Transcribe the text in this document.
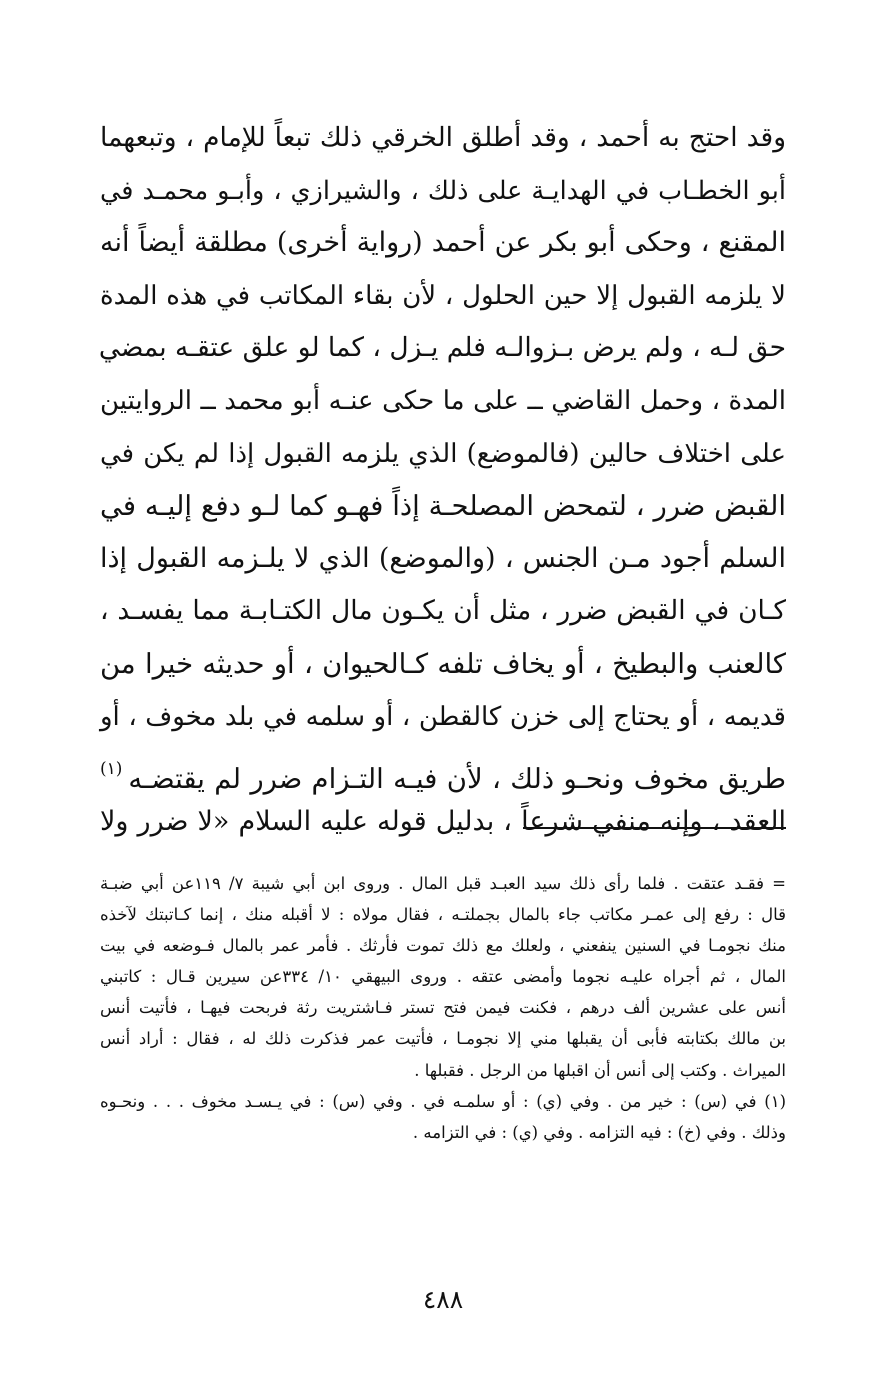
وقد احتج به أحمد ، وقد أطلق الخرقي ذلك تبعاً للإمام ، وتبعهما
أبو الخطـاب في الهدايـة على ذلك ، والشيرازي ، وأبـو محمـد في
المقنع ، وحكى أبو بكر عن أحمد (رواية أخرى) مطلقة أيضاً أنه
لا يلزمه القبول إلا حين الحلول ، لأن بقاء المكاتب في هذه المدة
حق لـه ، ولم يرض بـزوالـه فلم يـزل ، كما لو علق عتقـه بمضي
المدة ، وحمل القاضي ــ على ما حكى عنـه أبو محمد ــ الروايتين
على اختلاف حالين (فالموضع) الذي يلزمه القبول إذا لم يكن في
القبض ضرر ، لتمحض المصلحـة إذاً فهـو كما لـو دفع إليـه في
السلم أجود مـن الجنس ، (والموضع) الذي لا يلـزمه القبول إذا
كـان في القبض ضرر ، مثل أن يكـون مال الكتـابـة مما يفسـد ،
كالعنب والبطيخ ، أو يخاف تلفه كـالحيوان ، أو حديثه خيرا من
قديمه ، أو يحتاج إلى خزن كالقطن ، أو سلمه في بلد مخوف ، أو
طريق مخوف ونحـو ذلك ، لأن فيـه التـزام ضرر لم يقتضـه$^{(١)}$
العقد ، وإنه منفي شرعاً ، بدليل قوله عليه السلام «لا ضرر ولا
= فقـد عتقت . فلما رأى ذلك سيد العبـد قبل المال . وروى ابن أبي شيبة ٧/ ١١٩عن أبي ضبـة
قال : رفع إلى عمـر مكاتب جاء بالمال بجملتـه ، فقال مولاه : لا أقبله منك ، إنما كـاتبتك لآخذه
منك نجومـا في السنين ينفعني ، ولعلك مع ذلك تموت فأرثك . فأمر عمر بالمال فـوضعه في بيت
المال ، ثم أجراه عليـه نجوما وأمضى عتقه . وروى البيهقي ١٠/ ٣٣٤عن سيرين قـال : كاتبني
أنس على عشرين ألف درهم ، فكنت فيمن فتح تستر فـاشتريت رثة فربحت فيهـا ، فأتيت أنس
بن مالك بكتابته فأبى أن يقبلها مني إلا نجومـا ، فأتيت عمر فذكرت ذلك له ، فقال : أراد أنس
الميراث . وكتب إلى أنس أن اقبلها من الرجل . فقبلها .
(١) في (س) : خير من . وفي (ي) : أو سلمـه في . وفي (س) : في يـسـد مخوف . . . ونحـوه
وذلك . وفي (خ) : فيه التزامه . وفي (ي) : في التزامه .
٤٨٨
